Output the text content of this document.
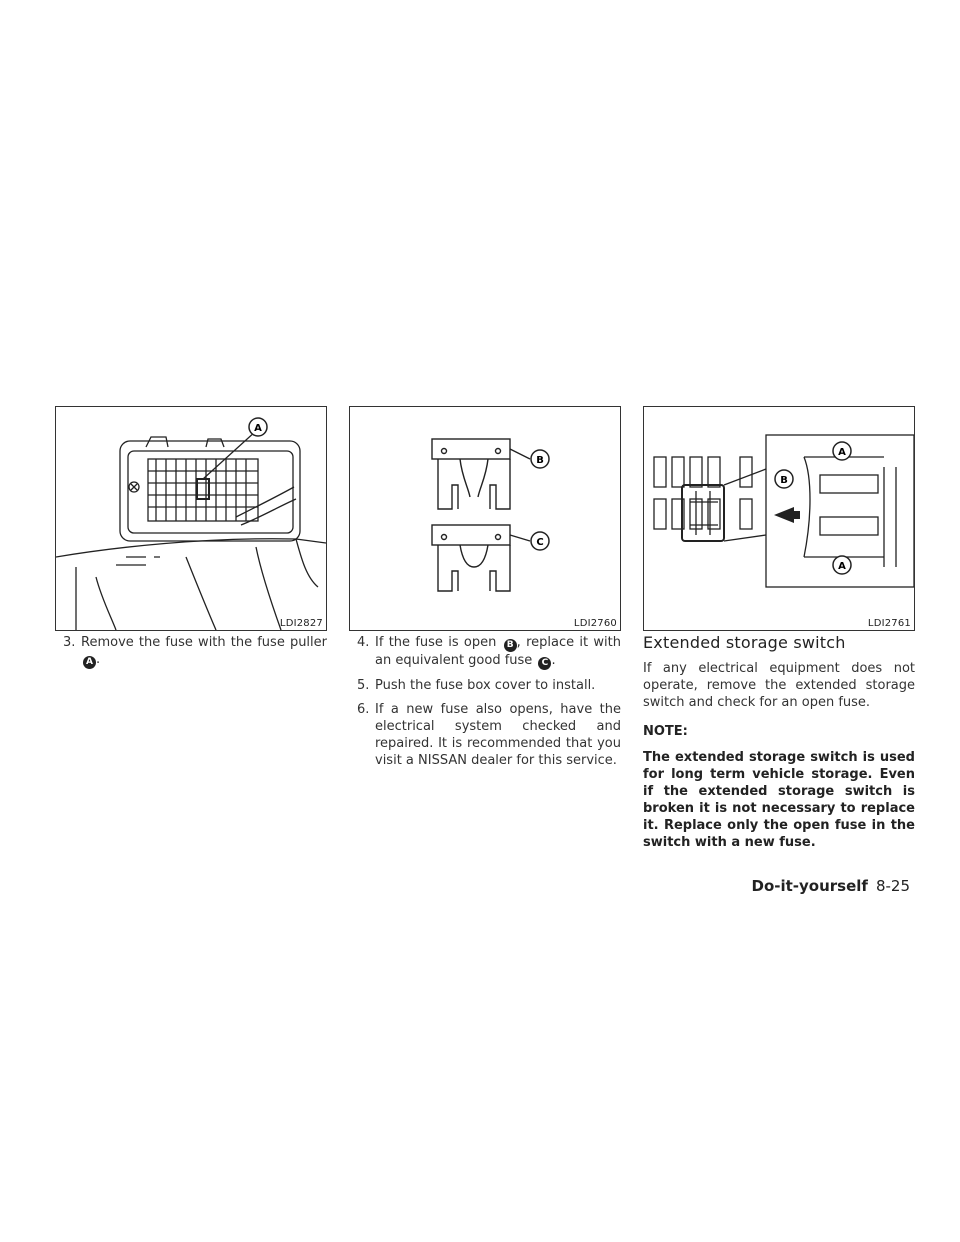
A
LDI2827
B
C
LDI2760
A
B
A
LDI2761
3. Remove the fuse with the fuse puller A .
4. If the fuse is open B , replace it with an equivalent good fuse C .
5. Push the fuse box cover to install.
6. If a new fuse also opens, have the electrical system checked and repaired. It is recommended that you visit a NISSAN dealer for this service.
Extended storage switch
If any electrical equipment does not operate, remove the extended storage switch and check for an open fuse.
NOTE:
The extended storage switch is used for long term vehicle storage. Even if the extended storage switch is broken it is not necessary to replace it. Replace only the open fuse in the switch with a new fuse.
Do-it-yourself 8-25
